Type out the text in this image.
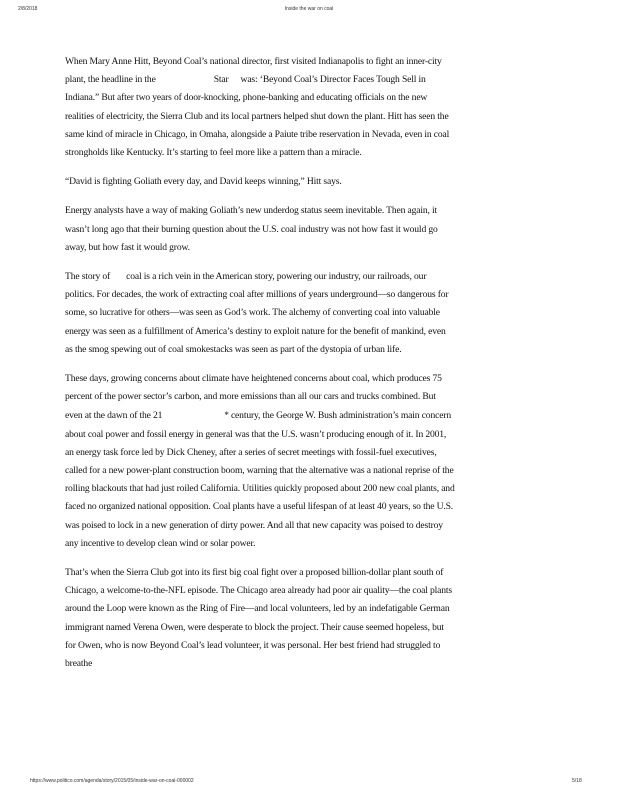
2/8/2018	Inside the war on coal

When Mary Anne Hitt, Beyond Coal’s national director, first visited Indianapolis to fight an inner-city plant, the headline in the	Star was: ‘Beyond Coal’s Director Faces Tough Sell in Indiana.” But after two years of door-knocking, phone-banking and educating officials on the new realities of electricity, the Sierra Club and its local partners helped shut down the plant. Hitt has seen the same kind of miracle in Chicago, in Omaha, alongside a Paiute tribe reservation in Nevada, even in coal strongholds like Kentucky. It’s starting to feel more like a pattern than a miracle.

“David is fighting Goliath every day, and David keeps winning,” Hitt says.

Energy analysts have a way of making Goliath’s new underdog status seem inevitable. Then again, it wasn’t long ago that their burning question about the U.S. coal industry was not how fast it would go away, but how fast it would grow.

The story of coal is a rich vein in the American story, powering our industry, our railroads, our politics. For decades, the work of extracting coal after millions of years underground—so dangerous for some, so lucrative for others—was seen as God’s work. The alchemy of converting coal into valuable energy was seen as a fulfillment of America’s destiny to exploit nature for the benefit of mankind, even as the smog spewing out of coal smokestacks was seen as part of the dystopia of urban life.

These days, growing concerns about climate have heightened concerns about coal, which produces 75 percent of the power sector’s carbon, and more emissions than all our cars and trucks combined. But even at the dawn of the 21	* century, the George W. Bush administration’s main concern about coal power and fossil energy in general was that the U.S. wasn’t producing enough of it. In 2001, an energy task force led by Dick Cheney, after a series of secret meetings with fossil-fuel executives, called for a new power-plant construction boom, warning that the alternative was a national reprise of the rolling blackouts that had just roiled California. Utilities quickly proposed about 200 new coal plants, and faced no organized national opposition. Coal plants have a useful lifespan of at least 40 years, so the U.S. was poised to lock in a new generation of dirty power. And all that new capacity was poised to destroy any incentive to develop clean wind or solar power.

That’s when the Sierra Club got into its first big coal fight over a proposed billion-dollar plant south of Chicago, a welcome-to-the-NFL episode. The Chicago area already had poor air quality—the coal plants around the Loop were known as the Ring of Fire—and local volunteers, led by an indefatigable German immigrant named Verena Owen, were desperate to block the project. Their cause seemed hopeless, but for Owen, who is now Beyond Coal’s lead volunteer, it was personal. Her best friend had struggled to breathe

https://www.politico.com/agenda/story/2015/05/inside-war-on-coal-000002	5/18
